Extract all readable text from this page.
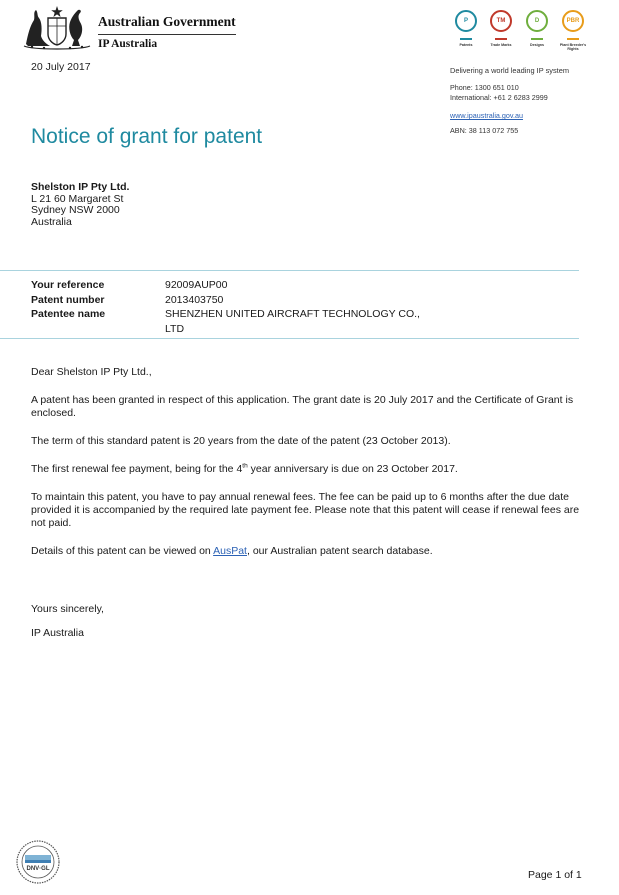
Australian Government
IP Australia
20 July 2017
P
Patents
TM
Trade Marks
D
Designs
PBR
Plant Breeder's Rights
Delivering a world leading IP system
Phone: 1300 651 010
International: +61 2 6283 2999
www.ipaustralia.gov.au
ABN: 38 113 072 755
Notice of grant for patent
Shelston IP Pty Ltd.
L 21 60 Margaret St
Sydney NSW 2000
Australia
Your reference	92009AUP00
Patent number	2013403750
Patentee name	SHENZHEN UNITED AIRCRAFT TECHNOLOGY CO.,
LTD

Dear Shelston IP Pty Ltd.,

A patent has been granted in respect of this application. The grant date is 20 July 2017 and the Certificate of Grant is enclosed.

The term of this standard patent is 20 years from the date of the patent (23 October 2013).

The first renewal fee payment, being for the 4th year anniversary is due on 23 October 2017.

To maintain this patent, you have to pay annual renewal fees. The fee can be paid up to 6 months after the due date provided it is accompanied by the required late payment fee. Please note that this patent will cease if renewal fees are not paid.

Details of this patent can be viewed on AusPat, our Australian patent search database.

Yours sincerely,

IP Australia

DNV·GL	Page 1 of 1
